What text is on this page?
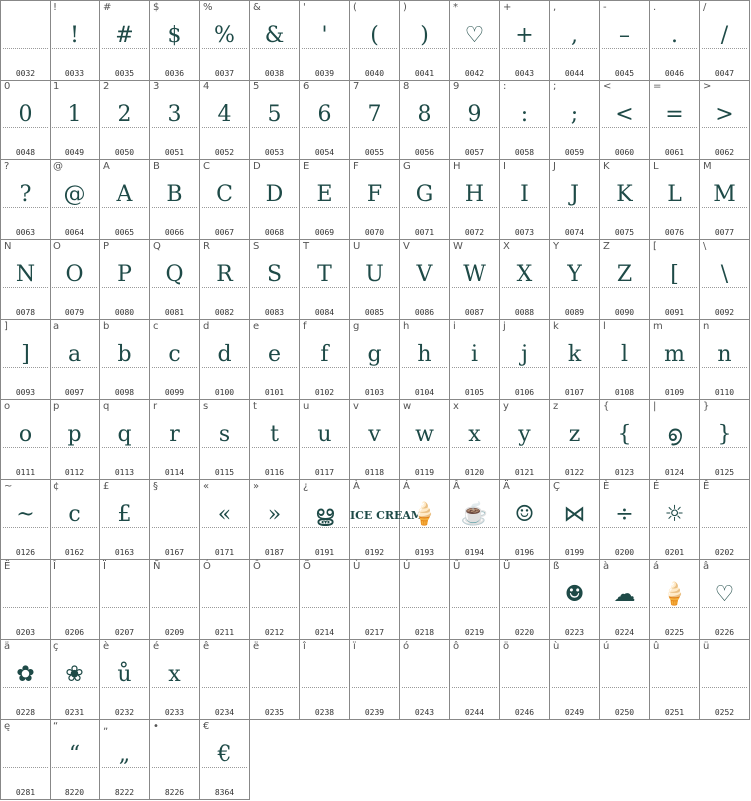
0032
!
!
0033
#
#
0035
$
$
0036
%
%
0037
&
&
0038
'
'
0039
(
(
0040
)
)
0041
*
♡
0042
+
+
0043
,
,
0044
-
–
0045
.
.
0046
/
/
0047
0
0
0048
1
1
0049
2
2
0050
3
3
0051
4
4
0052
5
5
0053
6
6
0054
7
7
0055
8
8
0056
9
9
0057
:
:
0058
;
;
0059
<
<
0060
=
=
0061
>
>
0062
?
?
0063
@
@
0064
A
A
0065
B
B
0066
C
C
0067
D
D
0068
E
E
0069
F
F
0070
G
G
0071
H
H
0072
I
I
0073
J
J
0074
K
K
0075
L
L
0076
M
M
0077
N
N
0078
O
O
0079
P
P
0080
Q
Q
0081
R
R
0082
S
S
0083
T
T
0084
U
U
0085
V
V
0086
W
W
0087
X
X
0088
Y
Y
0089
Z
Z
0090
[
[
0091
\
\
0092
]
]
0093
a
a
0097
b
b
0098
c
c
0099
d
d
0100
e
e
0101
f
f
0102
g
g
0103
h
h
0104
i
i
0105
j
j
0106
k
k
0107
l
l
0108
m
m
0109
n
n
0110
o
o
0111
p
p
0112
q
q
0113
r
r
0114
s
s
0115
t
t
0116
u
u
0117
v
v
0118
w
w
0119
x
x
0120
y
y
0121
z
z
0122
{
{
0123
|
൭
0124
}
}
0125
~
~
0126
¢
c
0162
£
£
0163
§
0167
«
«
0171
»
»
0187
¿
ൠ
0191
À
ICE CREAM
0192
Á
🍦
0193
Â
☕
0194
Ä
☺
0196
Ç
⋈
0199
È
÷
0200
É
☼
0201
Ê
0202
Ë
0203
Î
0206
Ï
0207
Ñ
0209
Ó
0211
Ô
0212
Ö
0214
Ù
0217
Ú
0218
Û
0219
Ü
0220
ß
☻
0223
à
☁
0224
á
🍦
0225
â
♡
0226
ä
✿
0228
ç
❀
0231
è
ů
0232
é
x
0233
ê
0234
ë
0235
î
0238
ï
0239
ó
0243
ô
0244
ö
0246
ù
0249
ú
0250
û
0251
ü
0252
ę
0281
“
“
8220
„
„
8222
•
8226
€
€
8364
